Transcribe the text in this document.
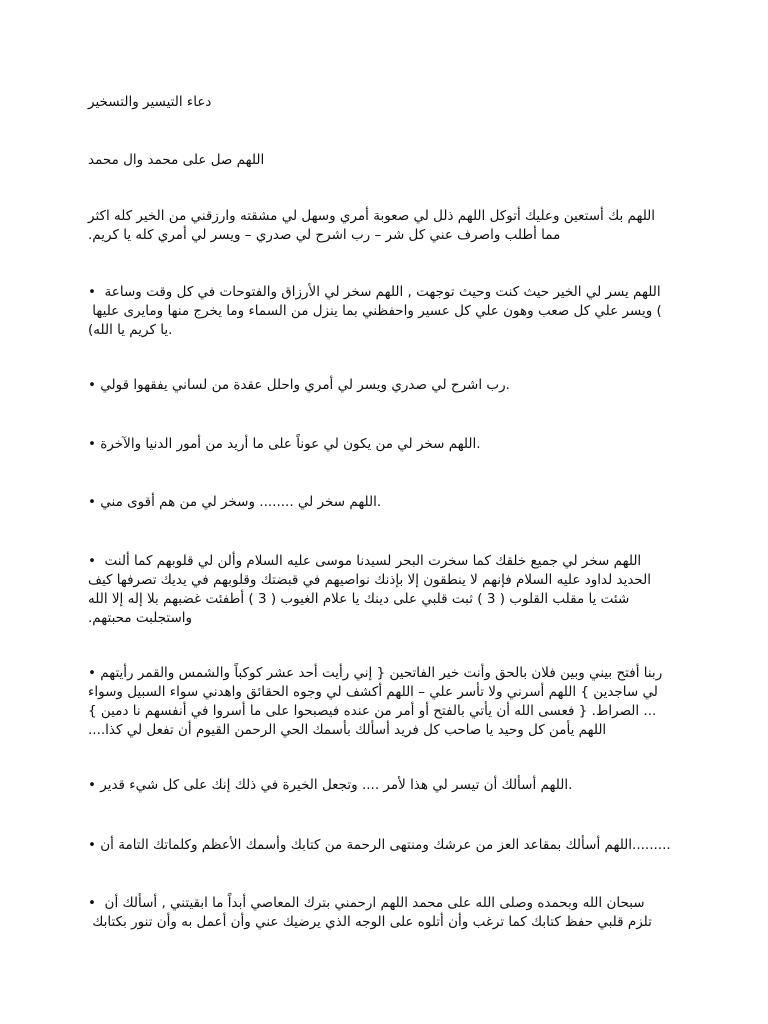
دعاء التيسير والتسخير
اللهم صل على محمد وال محمد
اللهم بك أستعين وعليك أتوكل اللهم ذلل لي صعوبة أمري وسهل لي مشقته وارزقني من الخير كله اكثر
.مما أطلب واصرف عني كل شر – رب اشرح لي صدري – ويسر لي أمري كله يا كريم
•  اللهم يسر لي الخير حيث كنت وحيث توجهت , اللهم سخر لي الأرزاق والفتوحات في كل وقت وساعة
ويسر علي كل صعب وهون علي كل عسير واحفظني بما ينزل من السماء وما يخرج منها ومايرى عليها (
(يا كريم يا الله.
• رب اشرح لي صدري ويسر لي أمري واحلل عقدة من لساني يفقهوا قولي.
• اللهم سخر لي من يكون لي عوناً على ما أريد من أمور الدنيا والآخرة.
• اللهم سخر لي ........ وسخر لي من هم أقوى مني.
•  اللهم سخر لي جميع خلقك كما سخرت البحر لسيدنا موسى عليه السلام وألن لي قلوبهم كما ألنت
الحديد لداود عليه السلام فإنهم لا ينطقون إلا بإذنك نواصيهم في قبضتك وقلوبهم في يديك تصرفها كيف
شئت يا مقلب القلوب ( 3 ) ثبت قلبي على دينك يا علام الغيوب ( 3 ) أطفئت غضبهم بلا إله إلا الله
.واستجلبت محبتهم
• ربنا أفتح بيني وبين فلان بالحق وأنت خير الفاتحين { إني رأيت أحد عشر كوكباً والشمس والقمر رأيتهم
لي ساجدين } اللهم أسرني ولا تأسر علي – اللهم أكشف لي وجوه الحقائق واهدني سواء السبيل وسواء
الصراط. { فعسى الله أن يأتي بالفتح أو أمر من عنده فيصبحوا على ما أسروا في أنفسهم نا دمين } ...
....اللهم يأمن كل وحيد يا صاحب كل فريد أسألك بأسمك الحي الرحمن القيوم أن تفعل لي كذا
• اللهم أسألك أن تيسر لي هذا لأمر .... وتجعل الخيرة في ذلك إنك على كل شيء قدير.
• اللهم أسألك بمقاعد العز من عرشك ومنتهى الرحمة من كتابك وأسمك الأعظم وكلماتك التامة أن.........
•  سبحان الله وبحمده وصلى الله على محمد اللهم ارحمني بترك المعاصي أبداً ما ابقيتني , أسألك أن
تلزم قلبي حفظ كتابك كما ترغب وأن أتلوه على الوجه الذي يرضيك عني وأن أعمل به وأن تنور بكتابك
